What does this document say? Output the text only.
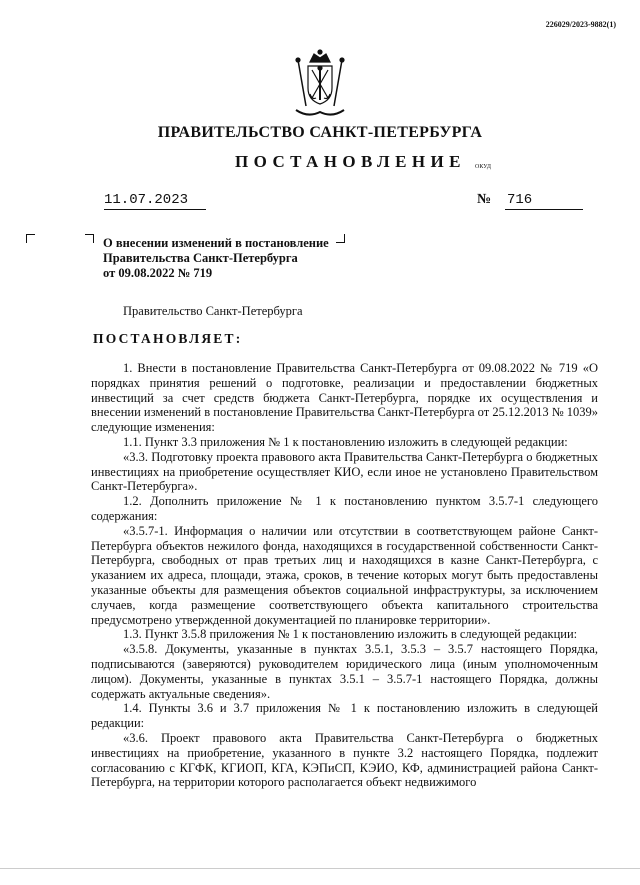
226029/2023-9882(1)
ПРАВИТЕЛЬСТВО САНКТ-ПЕТЕРБУРГА
ПОСТАНОВЛЕНИЕ ОКУД
11.07.2023	№ 716
О внесении изменений в постановление
Правительства Санкт-Петербурга
от 09.08.2022 № 719
Правительство Санкт-Петербурга
ПОСТАНОВЛЯЕТ:

1. Внести в постановление Правительства Санкт-Петербурга от 09.08.2022 № 719 «О порядках принятия решений о подготовке, реализации и предоставлении бюджетных инвестиций за счет средств бюджета Санкт-Петербурга, порядке их осуществления и внесении изменений в постановление Правительства Санкт-Петербурга от 25.12.2013 № 1039» следующие изменения:

1.1. Пункт 3.3 приложения № 1 к постановлению изложить в следующей редакции:

«3.3. Подготовку проекта правового акта Правительства Санкт-Петербурга о бюджетных инвестициях на приобретение осуществляет КИО, если иное не установлено Правительством Санкт-Петербурга».

1.2. Дополнить приложение № 1 к постановлению пунктом 3.5.7-1 следующего содержания:

«3.5.7-1. Информация о наличии или отсутствии в соответствующем районе Санкт-Петербурга объектов нежилого фонда, находящихся в государственной собственности Санкт-Петербурга, свободных от прав третьих лиц и находящихся в казне Санкт-Петербурга, с указанием их адреса, площади, этажа, сроков, в течение которых могут быть предоставлены указанные объекты для размещения объектов социальной инфраструктуры, за исключением случаев, когда размещение соответствующего объекта капитального строительства предусмотрено утвержденной документацией по планировке территории».

1.3. Пункт 3.5.8 приложения № 1 к постановлению изложить в следующей редакции:

«3.5.8. Документы, указанные в пунктах 3.5.1, 3.5.3 – 3.5.7 настоящего Порядка, подписываются (заверяются) руководителем юридического лица (иным уполномоченным лицом). Документы, указанные в пунктах 3.5.1 – 3.5.7-1 настоящего Порядка, должны содержать актуальные сведения».

1.4. Пункты 3.6 и 3.7 приложения № 1 к постановлению изложить в следующей редакции:

«3.6. Проект правового акта Правительства Санкт-Петербурга о бюджетных инвестициях на приобретение, указанного в пункте 3.2 настоящего Порядка, подлежит согласованию с КГФК, КГИОП, КГА, КЭПиСП, КЭИО, КФ, администрацией района Санкт-Петербурга, на территории которого располагается объект недвижимого
